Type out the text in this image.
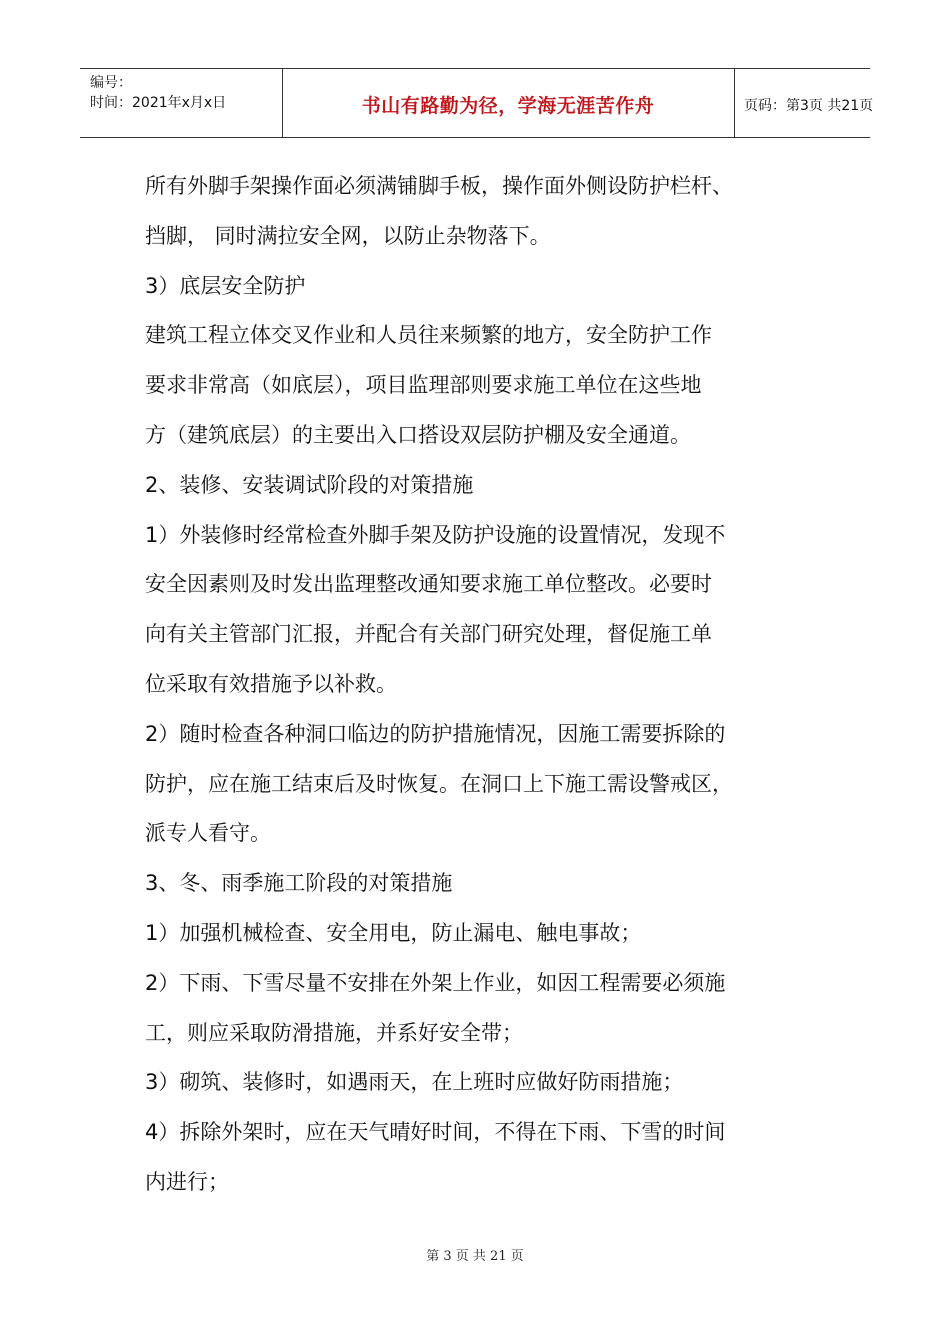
编号：
时间：2021年x月x日	书山有路勤为径，学海无涯苦作舟	页码：第3页 共21页
所有外脚手架操作面必须满铺脚手板，操作面外侧设防护栏杆、
挡脚， 同时满拉安全网，以防止杂物落下。
3）底层安全防护
建筑工程立体交叉作业和人员往来频繁的地方，安全防护工作
要求非常高（如底层），项目监理部则要求施工单位在这些地
方（建筑底层）的主要出入口搭设双层防护棚及安全通道。
2、装修、安装调试阶段的对策措施
1）外装修时经常检查外脚手架及防护设施的设置情况，发现不
安全因素则及时发出监理整改通知要求施工单位整改。必要时
向有关主管部门汇报，并配合有关部门研究处理，督促施工单
位采取有效措施予以补救。
2）随时检查各种洞口临边的防护措施情况，因施工需要拆除的
防护，应在施工结束后及时恢复。在洞口上下施工需设警戒区，
派专人看守。
3、冬、雨季施工阶段的对策措施
1）加强机械检查、安全用电，防止漏电、触电事故；
2）下雨、下雪尽量不安排在外架上作业，如因工程需要必须施
工，则应采取防滑措施，并系好安全带；
3）砌筑、装修时，如遇雨天，在上班时应做好防雨措施；
4）拆除外架时，应在天气晴好时间，不得在下雨、下雪的时间
内进行；
第 3 页 共 21 页
